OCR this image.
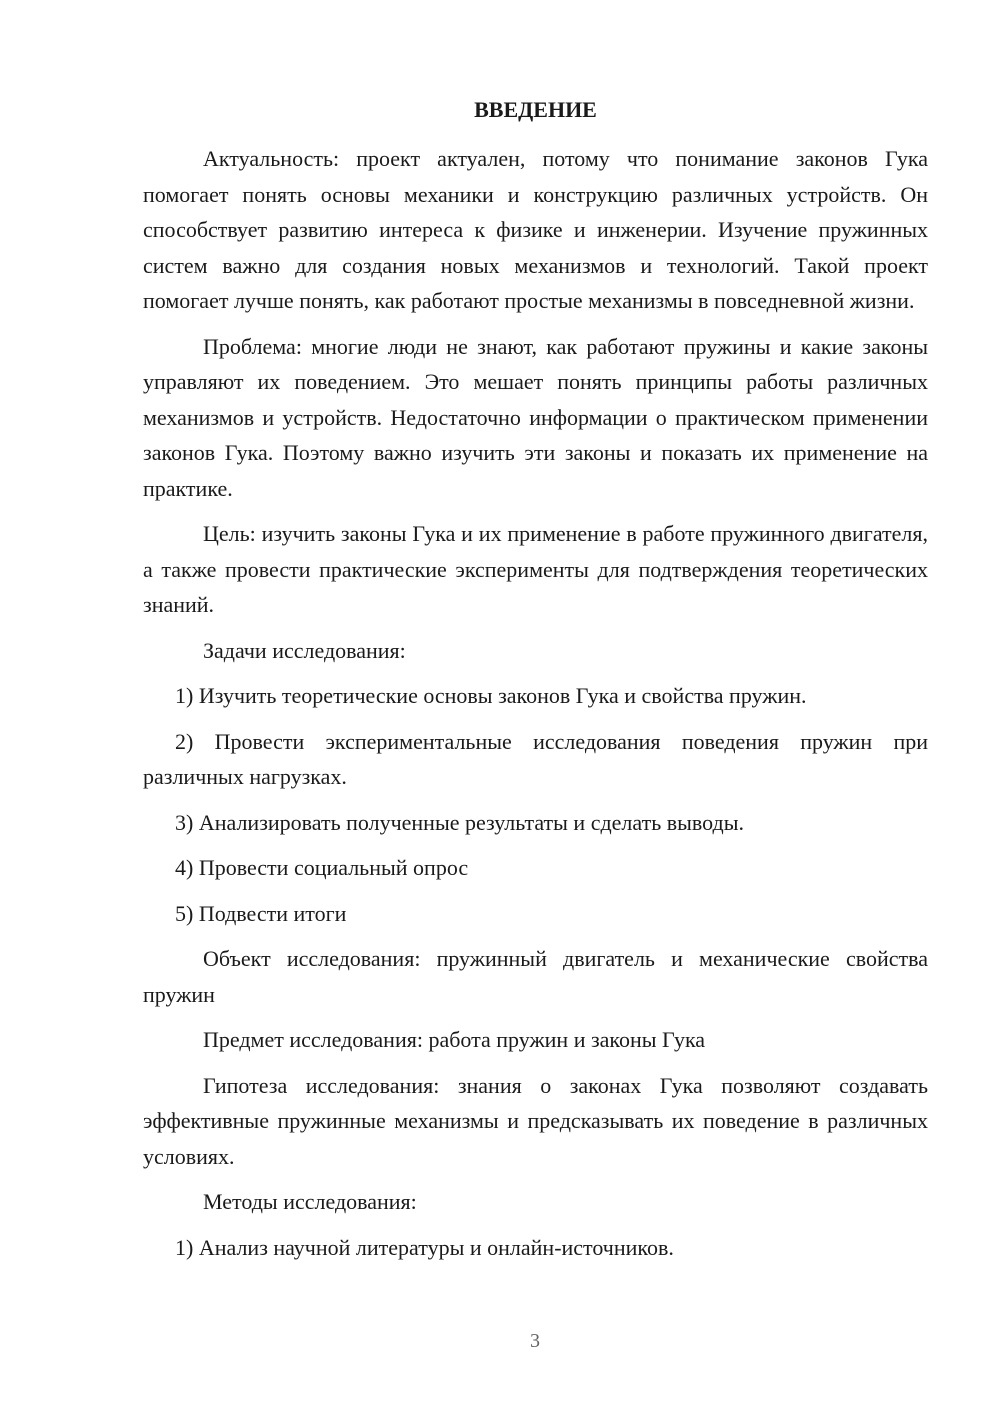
ВВЕДЕНИЕ

Актуальность: проект актуален, потому что понимание законов Гука помогает понять основы механики и конструкцию различных устройств. Он способствует развитию интереса к физике и инженерии. Изучение пружинных систем важно для создания новых механизмов и технологий. Такой проект помогает лучше понять, как работают простые механизмы в повседневной жизни.

Проблема: многие люди не знают, как работают пружины и какие законы управляют их поведением. Это мешает понять принципы работы различных механизмов и устройств. Недостаточно информации о практическом применении законов Гука. Поэтому важно изучить эти законы и показать их применение на практике.

Цель: изучить законы Гука и их применение в работе пружинного двигателя, а также провести практические эксперименты для подтверждения теоретических знаний.

Задачи исследования:

1) Изучить теоретические основы законов Гука и свойства пружин.

2) Провести экспериментальные исследования поведения пружин при различных нагрузках.

3) Анализировать полученные результаты и сделать выводы.

4) Провести социальный опрос

5) Подвести итоги

Объект исследования: пружинный двигатель и механические свойства пружин

Предмет исследования: работа пружин и законы Гука

Гипотеза исследования: знания о законах Гука позволяют создавать эффективные пружинные механизмы и предсказывать их поведение в различных условиях.

Методы исследования:

1) Анализ научной литературы и онлайн-источников.

3
